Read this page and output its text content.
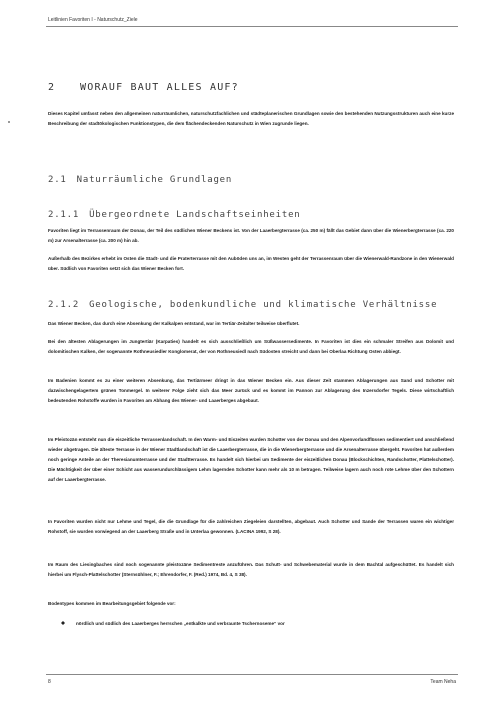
Leitlinien Favoriten I - Naturschutz_Ziele
2 WORAUF BAUT ALLES AUF?
Dieses Kapitel umfasst neben den allgemeinen naturräumlichen, naturschutzfachlichen und städteplanerischen Grundlagen sowie den bestehenden Nutzungsstrukturen auch eine kurze Beschreibung der stadtökologischen Funktionstypen, die dem flächendeckenden Naturschutz in Wien zugrunde liegen.
2.1 Naturräumliche Grundlagen
2.1.1 Übergeordnete Landschaftseinheiten
Favoriten liegt im Terrassenraum der Donau, der Teil des südlichen Wiener Beckens ist. Von der Laaerbergterrasse (ca. 250 m) fällt das Gebiet dann über die Wienerbergterrasse (ca. 220 m) zur Arsenalterrasse (ca. 200 m) hin ab.
Außerhalb des Bezirkes erhebt im Osten die Stadt- und die Praterterrasse mit den Auböden uns an, im Westen geht der Terrassenraum über die Wienerwald-Randzone in den Wienerwald über. Südlich von Favoriten setzt sich das Wiener Becken fort.
2.1.2 Geologische, bodenkundliche und klimatische Verhältnisse
Das Wiener Becken, das durch eine Absenkung der Kalkalpen entstand, war im Tertiär-Zeitalter teilweise überflutet.
Bei den ältesten Ablagerungen im Jungtertiär (Karpaties) handelt es sich ausschließlich um Süßwassersedimente. In Favoriten ist dies ein schmaler Streifen aus Dolomit und dolomitischen Kalken, der sogenannte Rothneusiedler Konglomerat, der von Rothneusiedl nach Südosten streicht und dann bei Oberlaa Richtung Osten abbiegt.
Im Badenien kommt es zu einer weiteren Absenkung, das Tertiärmeer dringt in das Wiener Becken ein. Aus dieser Zeit stammen Ablagerungen aus Sand und Schotter mit dazwischengelagertem grünen Tonmergel. In weiterer Folge zieht sich das Meer zurück und es kommt im Pannon zur Ablagerung des Inzersdorfer Tegels. Diese wirtschaftlich bedeutenden Rohstoffe wurden in Favoriten am Abhang des Wiener- und Laaerberges abgebaut.
Im Pleistozän entsteht nun die eiszeitliche Terrassenlandschaft. In den Warm- und Eiszeiten wurden Schotter von der Donau und den Alpenvorlandflüssen sedimentiert und anschließend wieder abgetragen. Die älteste Terrasse in der Wiener Stadtlandschaft ist die Laaerbergterrasse, die in die Wienerbergterrasse und die Arsenalterrasse übergeht. Favoriten hat außerdem noch geringe Anteile an der Theresianumterrasse und der Stadtterrasse. Es handelt sich hierbei um Sedimente der eiszeitlichen Donau (Blockschichten, Randschotter, Plattelschotter). Die Mächtigkeit der über einer Schicht aus wasserundurchlässigem Lehm lagernden Schotter kann mehr als 10 m betragen. Teilweise lagern auch noch rote Lehme über den Schottern auf der Laaerbergterrasse.
In Favoriten wurden nicht nur Lehme und Tegel, die die Grundlage für die zahlreichen Ziegeleien darstellten, abgebaut. Auch Schotter und Sande der Terrassen waren ein wichtiger Rohstoff, sie wurden vorwiegend an der Laaerberg Straße und in Unterlaa gewonnen. (LACINA 1992, S 28).
Im Raum des Liesingbaches sind noch sogenannte pleistozäne Sedimentreste anzuführen. Das Schutt- und Schwebematerial wurde in dem Bachtal aufgeschüttet. Es handelt sich hierbei um Flysch-Plattelschotter (Sternsühlner, F.; Ehrendorfer, F. (Red.) 1974, Bd. 4, S 38).
Bodentypes kommen im Bearbeitungsgebiet folgende vor:
nördlich und südlich des Laaerberges herrschen „entkalkte und verbraunte Tschernoseme“ vor
8	Team Neha
